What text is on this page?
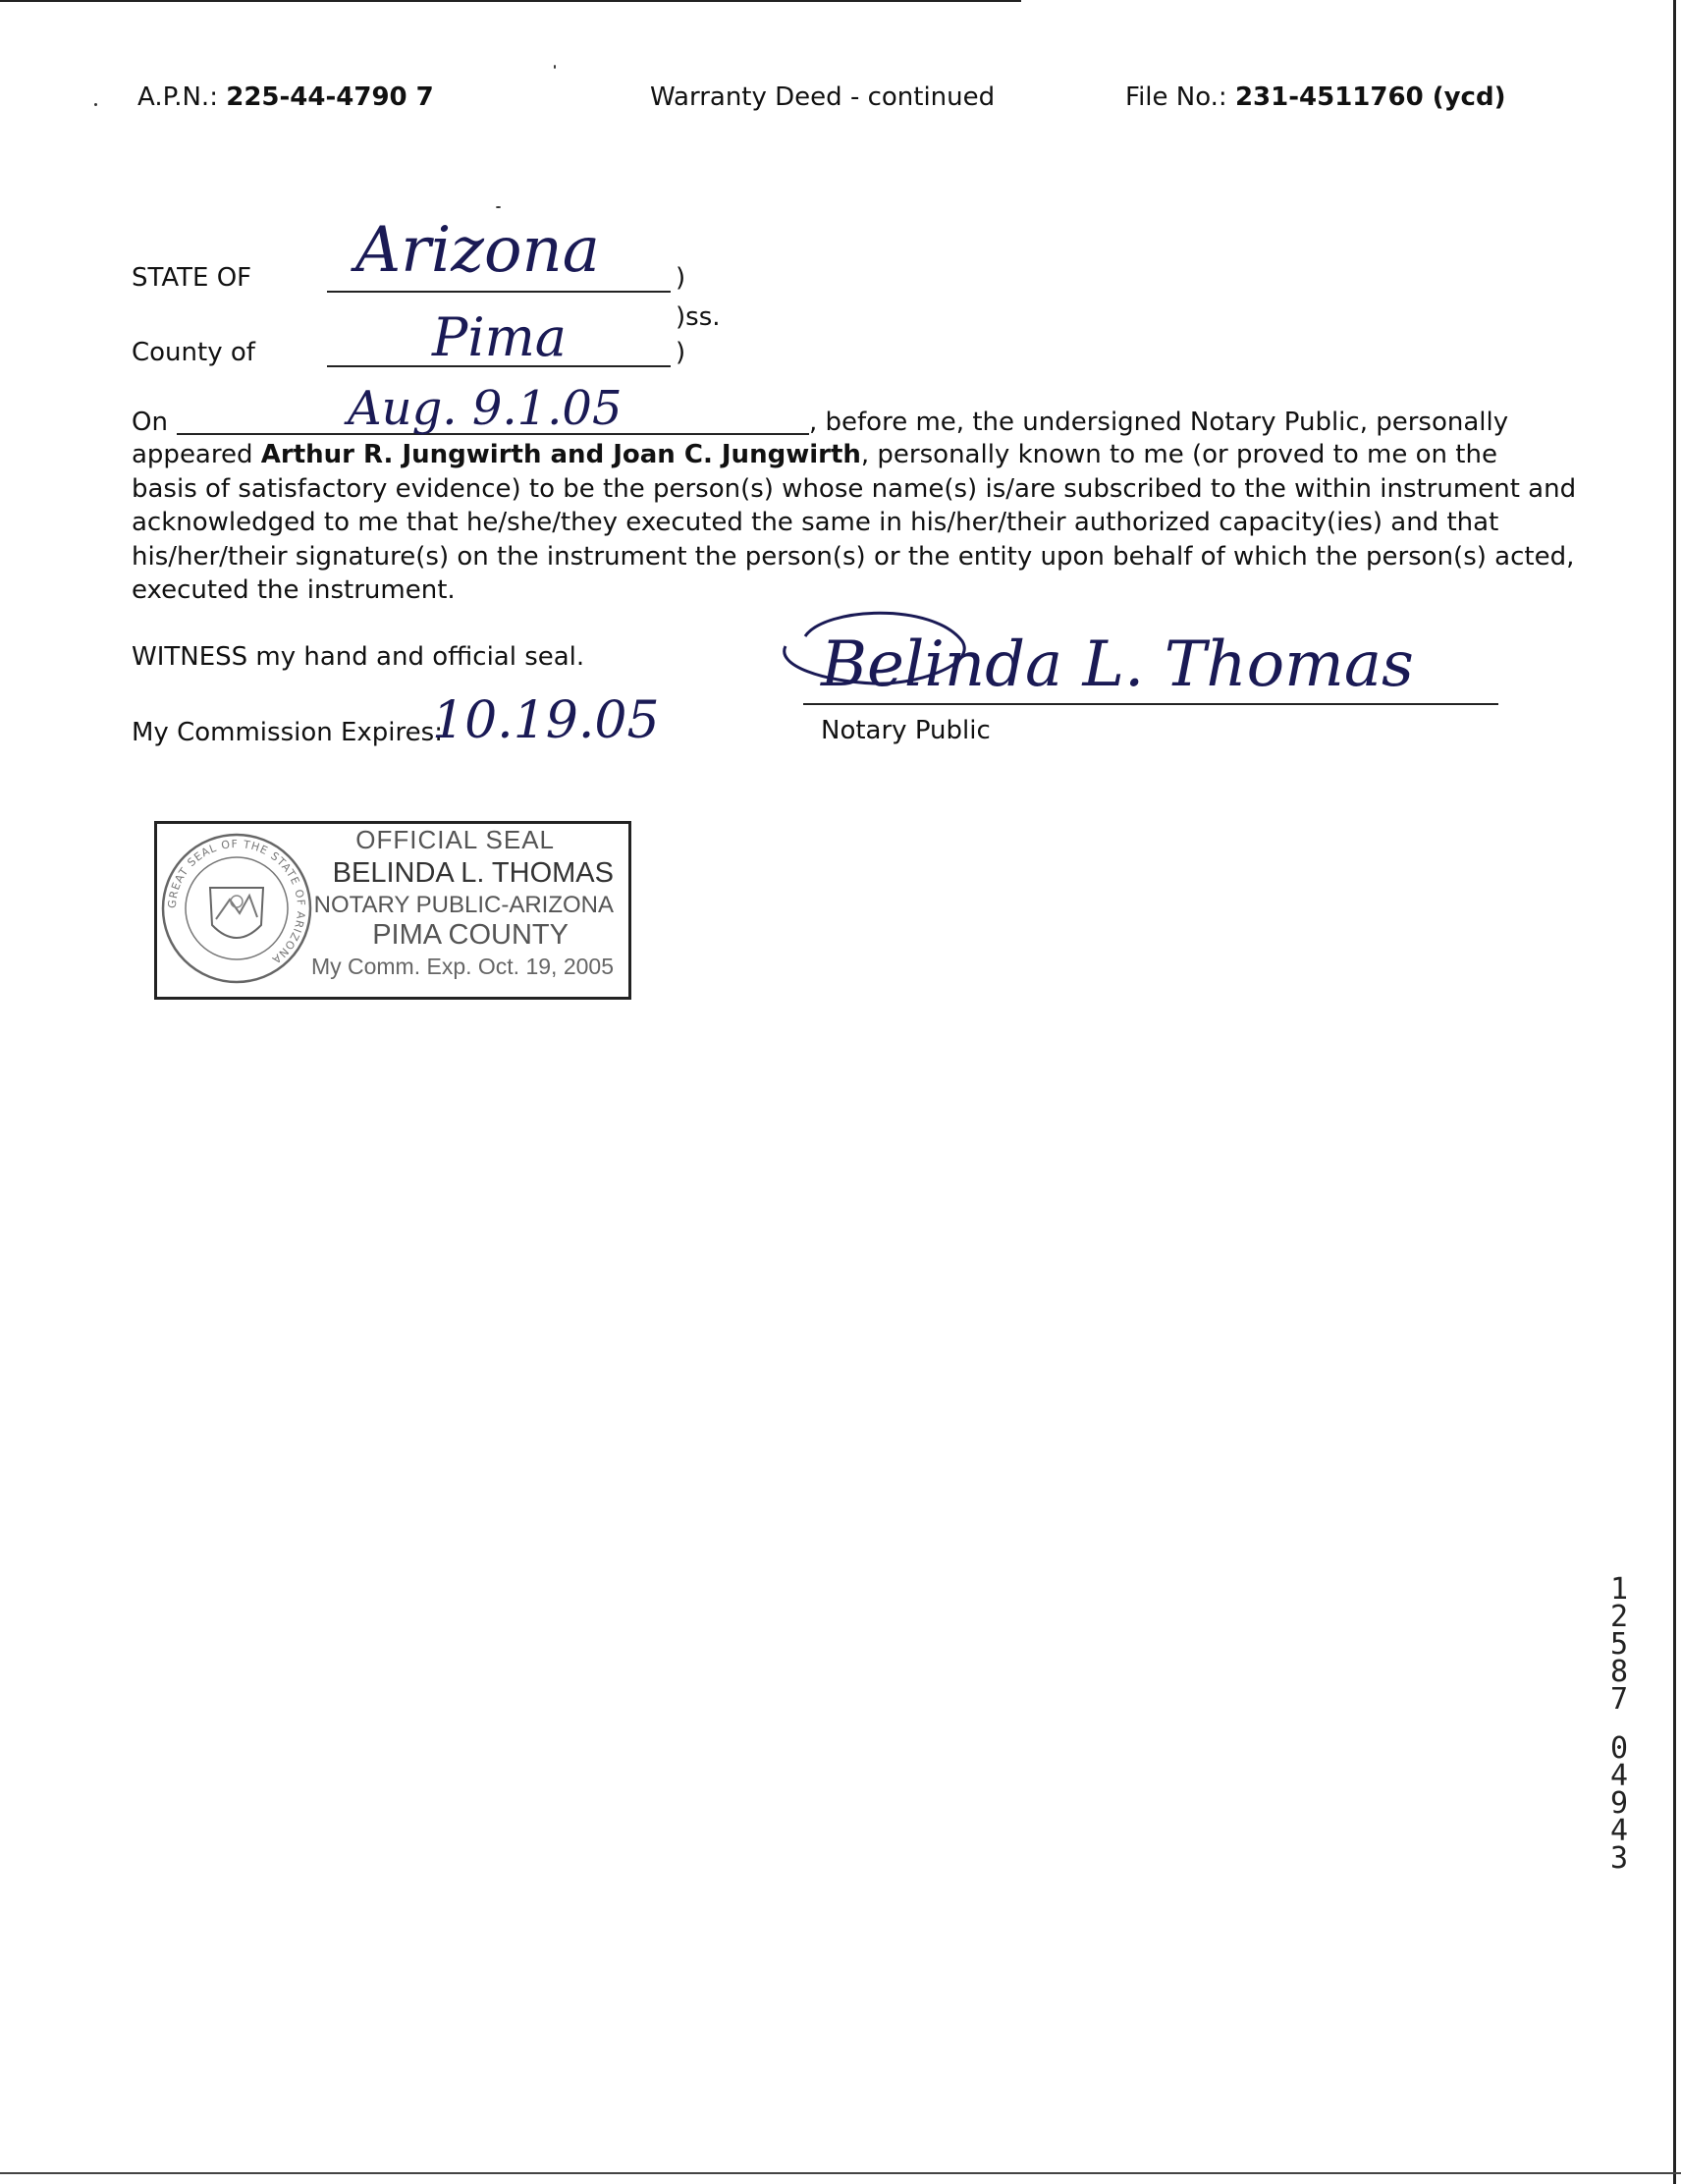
A.P.N.: 225-44-4790 7	Warranty Deed - continued	File No.: 231-4511760 (ycd)
STATE OF Arizona	)
)ss.
County of	Pima	)
On	Aug. 9.1.05	, before me, the undersigned Notary Public, personally

appeared Arthur R. Jungwirth and Joan C. Jungwirth, personally known to me (or proved to me on the

basis of satisfactory evidence) to be the person(s) whose name(s) is/are subscribed to the within instrument and

acknowledged to me that he/she/they executed the same in his/her/their authorized capacity(ies) and that

his/her/their signature(s) on the instrument the person(s) or the entity upon behalf of which the person(s) acted,

executed the instrument.

WITNESS my hand and official seal.
My Commission Expires:
10.19.05
Belinda L. Thomas
Notary Public
GREAT SEAL OF THE STATE OF ARIZONA
OFFICIAL SEAL
BELINDA L. THOMAS
NOTARY PUBLIC-ARIZONA
PIMA COUNTY
My Comm. Exp. Oct. 19, 2005
1
2
5
8
7
0
4
9
4
3
